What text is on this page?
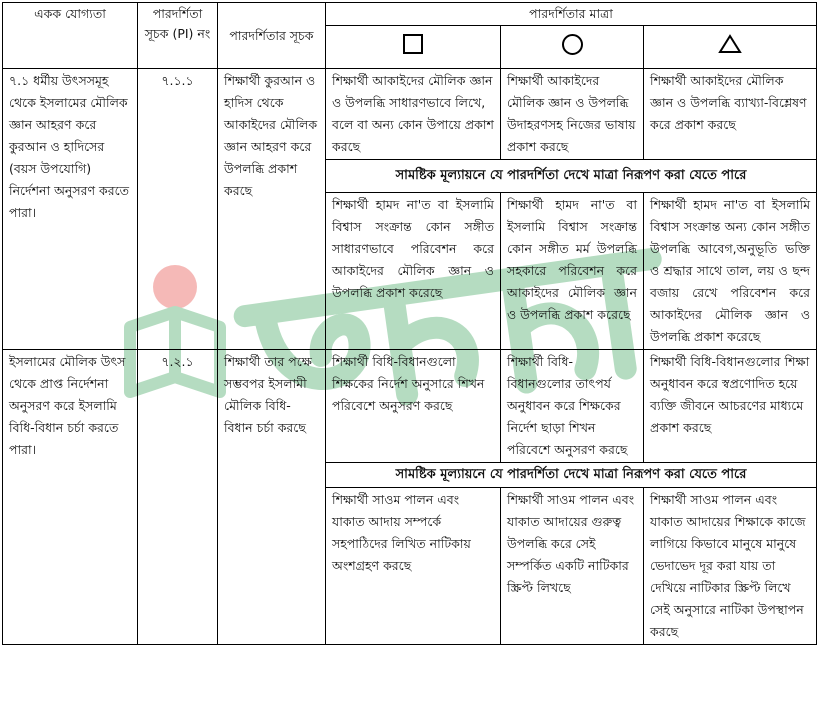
একক যোগ্যতা	পারদর্শিতা সূচক (PI) নং	পারদর্শিতার সূচক	পারদর্শিতার মাত্রা		

৭.১ ধর্মীয় উৎসসমূহ থেকে ইসলামের মৌলিক জ্ঞান আহরণ করে কুরআন ও হাদিসের (বয়স উপযোগি) নির্দেশনা অনুসরণ করতে পারা।	৭.১.১	শিক্ষার্থী কুরআন ও হাদিস থেকে আকাইদের মৌলিক জ্ঞান আহরণ করে উপলব্ধি প্রকাশ করছে	শিক্ষার্থী আকাইদের মৌলিক জ্ঞান ও উপলব্ধি সাধারণভাবে লিখে, বলে বা অন্য কোন উপায়ে প্রকাশ করছে	শিক্ষার্থী আকাইদের মৌলিক জ্ঞান ও উপলব্ধি উদাহরণসহ নিজের ভাষায় প্রকাশ করছে	শিক্ষার্থী আকাইদের মৌলিক জ্ঞান ও উপলব্ধি ব্যাখ্যা-বিশ্লেষণ করে প্রকাশ করছে
			সামষ্টিক মূল্যায়নে যে পারদর্শিতা দেখে মাত্রা নিরূপণ করা যেতে পারে		
			শিক্ষার্থী হামদ না'ত বা ইসলামি বিশ্বাস সংক্রান্ত কোন সঙ্গীত সাধারণভাবে পরিবেশন করে আকাইদের মৌলিক জ্ঞান ও উপলব্ধি প্রকাশ করেছে	শিক্ষার্থী হামদ না'ত বা ইসলামি বিশ্বাস সংক্রান্ত কোন সঙ্গীত মর্ম উপলব্ধি সহকারে পরিবেশন করে আকাইদের মৌলিক জ্ঞান ও উপলব্ধি প্রকাশ করেছে	শিক্ষার্থী হামদ না'ত বা ইসলামি বিশ্বাস সংক্রান্ত অন্য কোন সঙ্গীত উপলব্ধি আবেগ,অনুভূতি ভক্তি ও শ্রদ্ধার সাথে তাল, লয় ও ছন্দ বজায় রেখে পরিবেশন করে আকাইদের মৌলিক জ্ঞান ও উপলব্ধি প্রকাশ করেছে
ইসলামের মৌলিক উৎস থেকে প্রাপ্ত নির্দেশনা অনুসরণ করে ইসলামি বিধি-বিধান চর্চা করতে পারা।	৭.২.১	শিক্ষার্থী তার পক্ষে সম্ভবপর ইসলামী মৌলিক বিধি-বিধান চর্চা করছে	শিক্ষার্থী বিধি-বিধানগুলো শিক্ষকের নির্দেশ অনুসারে শিখন পরিবেশে অনুসরণ করছে	শিক্ষার্থী বিধি-বিধানগুলোর তাৎপর্য অনুধাবন করে শিক্ষকের নির্দেশ ছাড়া শিখন পরিবেশে অনুসরণ করছে	শিক্ষার্থী বিধি-বিধানগুলোর শিক্ষা অনুধাবন করে স্বপ্রণোদিত হয়ে ব্যক্তি জীবনে আচরণের মাধ্যমে প্রকাশ করছে
			সামষ্টিক মূল্যায়নে যে পারদর্শিতা দেখে মাত্রা নিরূপণ করা যেতে পারে		
			শিক্ষার্থী সাওম পালন এবং যাকাত আদায় সম্পর্কে সহপাঠিদের লিখিত নাটিকায় অংশগ্রহণ করছে	শিক্ষার্থী সাওম পালন এবং যাকাত আদায়ের গুরুত্ব উপলব্ধি করে সেই সম্পর্কিত একটি নাটিকার স্ক্রিপ্ট লিখছে	শিক্ষার্থী সাওম পালন এবং যাকাত আদায়ের শিক্ষাকে কাজে লাগিয়ে কিভাবে মানুষে মানুষে ভেদাভেদ দূর করা যায় তা দেখিয়ে নাটিকার স্ক্রিপ্ট লিখে সেই অনুসারে নাটিকা উপস্থাপন করছে
